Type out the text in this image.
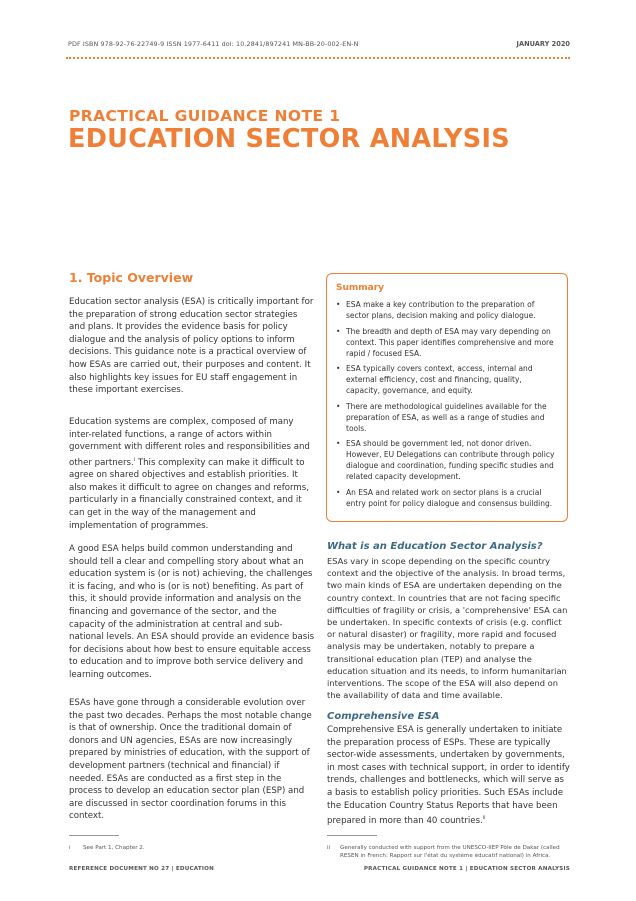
PDF ISBN 978-92-76-22749-9 ISSN 1977-6411 doi: 10.2841/897241 MN-BB-20-002-EN-N	JANUARY 2020
PRACTICAL GUIDANCE NOTE 1
EDUCATION SECTOR ANALYSIS
1. Topic Overview

Education sector analysis (ESA) is critically important for the preparation of strong education sector strategies and plans. It provides the evidence basis for policy dialogue and the analysis of policy options to inform decisions. This guidance note is a practical overview of how ESAs are carried out, their purposes and content. It also highlights key issues for EU staff engagement in these important exercises.

Education systems are complex, composed of many inter-related functions, a range of actors within government with different roles and responsibilities and other partners.$^i$ This complexity can make it difficult to agree on shared objectives and establish priorities. It also makes it difficult to agree on changes and reforms, particularly in a financially constrained context, and it can get in the way of the management and implementation of programmes.

A good ESA helps build common understanding and should tell a clear and compelling story about what an education system is (or is not) achieving, the challenges it is facing, and who is (or is not) benefiting. As part of this, it should provide information and analysis on the financing and governance of the sector, and the capacity of the administration at central and sub-national levels. An ESA should provide an evidence basis for decisions about how best to ensure equitable access to education and to improve both service delivery and learning outcomes.

ESAs have gone through a considerable evolution over the past two decades. Perhaps the most notable change is that of ownership. Once the traditional domain of donors and UN agencies, ESAs are now increasingly prepared by ministries of education, with the support of development partners (technical and financial) if needed. ESAs are conducted as a first step in the process to develop an education sector plan (ESP) and are discussed in sector coordination forums in this context.

Summary
• ESA make a key contribution to the preparation of sector plans, decision making and policy dialogue.
• The breadth and depth of ESA may vary depending on context. This paper identifies comprehensive and more rapid / focused ESA.
• ESA typically covers context, access, internal and external efficiency, cost and financing, quality, capacity, governance, and equity.
• There are methodological guidelines available for the preparation of ESA, as well as a range of studies and tools.
• ESA should be government led, not donor driven. However, EU Delegations can contribute through policy dialogue and coordination, funding specific studies and related capacity development.
• An ESA and related work on sector plans is a crucial entry point for policy dialogue and consensus building.
What is an Education Sector Analysis?
ESAs vary in scope depending on the specific country context and the objective of the analysis. In broad terms, two main kinds of ESA are undertaken depending on the country context. In countries that are not facing specific difficulties of fragility or crisis, a 'comprehensive' ESA can be undertaken. In specific contexts of crisis (e.g. conflict or natural disaster) or fragility, more rapid and focused analysis may be undertaken, notably to prepare a transitional education plan (TEP) and analyse the education situation and its needs, to inform humanitarian interventions. The scope of the ESA will also depend on the availability of data and time available.
Comprehensive ESA
Comprehensive ESA is generally undertaken to initiate the preparation process of ESPs. These are typically sector-wide assessments, undertaken by governments, in most cases with technical support, in order to identify trends, challenges and bottlenecks, which will serve as a basis to establish policy priorities. Such ESAs include the Education Country Status Reports that have been prepared in more than 40 countries.$^{ii}$
i See Part 1, Chapter 2.	ii Generally conducted with support from the UNESCO-IIEP Pôle de Dakar (called RESEN in French: Rapport sur l'état du système éducatif national) in Africa.
REFERENCE DOCUMENT NO 27 | EDUCATION	PRACTICAL GUIDANCE NOTE 1 | EDUCATION SECTOR ANALYSIS
